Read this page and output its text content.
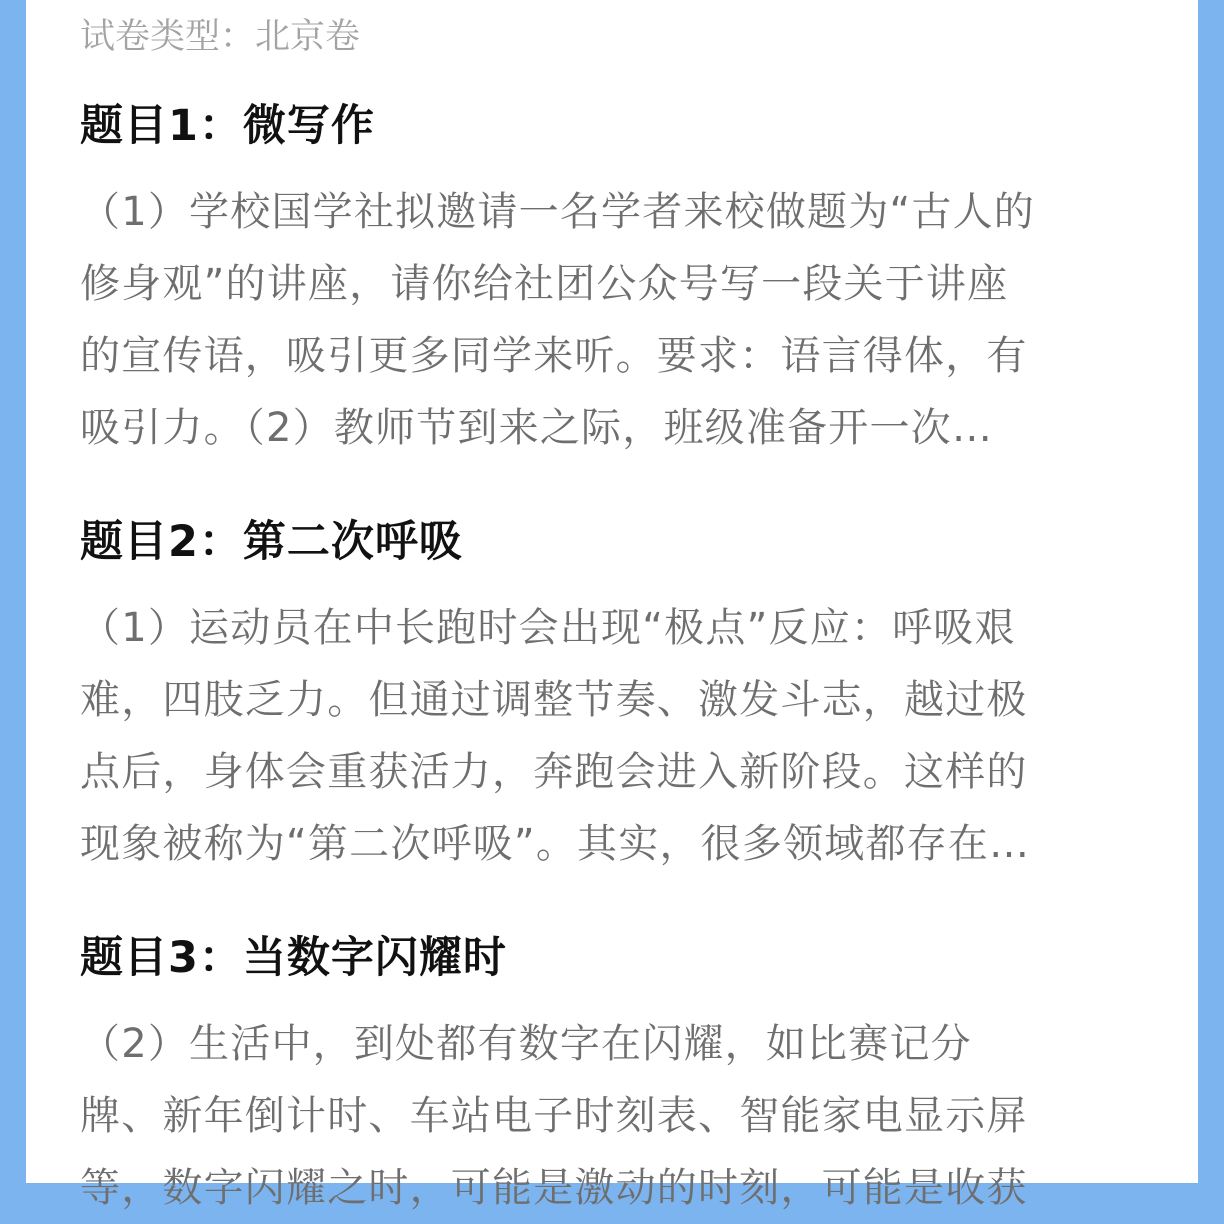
试卷类型：北京卷
题目1：微写作
（1）学校国学社拟邀请一名学者来校做题为“古人的
修身观”的讲座，请你给社团公众号写一段关于讲座
的宣传语，吸引更多同学来听。要求：语言得体，有
吸引力。（2）教师节到来之际，班级准备开一次…
题目2：第二次呼吸
（1）运动员在中长跑时会出现“极点”反应：呼吸艰
难，四肢乏力。但通过调整节奏、激发斗志，越过极
点后，身体会重获活力，奔跑会进入新阶段。这样的
现象被称为“第二次呼吸”。其实，很多领域都存在…
题目3：当数字闪耀时
（2）生活中，到处都有数字在闪耀，如比赛记分
牌、新年倒计时、车站电子时刻表、智能家电显示屏
等，数字闪耀之时，可能是激动的时刻，可能是收获
